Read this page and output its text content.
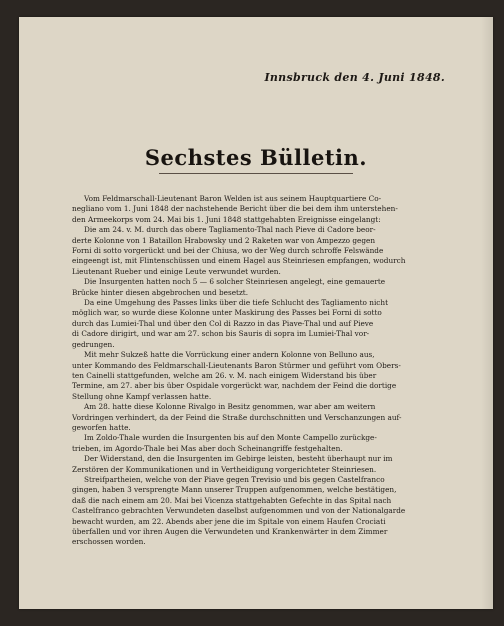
Innsbruck den 4. Juni 1848.
Sechstes Bülletin.
Vom Feldmarschall-Lieutenant Baron Welden ist aus seinem Hauptquartiere Co-
negliano vom 1. Juni 1848 der nachstehende Bericht über die bei dem ihm unterstehen-
den Armeekorps vom 24. Mai bis 1. Juni 1848 stattgehabten Ereignisse eingelangt:
Die am 24. v. M. durch das obere Tagliamento-Thal nach Pieve di Cadore beor-
derte Kolonne von 1 Bataillon Hrabowsky und 2 Raketen war von Ampezzo gegen
Forni di sotto vorgerückt und bei der Chiusa, wo der Weg durch schroffe Felswände
eingeengt ist, mit Flintenschüssen und einem Hagel aus Steinriesen empfangen, wodurch
Lieutenant Rueber und einige Leute verwundet wurden.
Die Insurgenten hatten noch 5 — 6 solcher Steinriesen angelegt, eine gemauerte
Brücke hinter diesen abgebrochen und besetzt.
Da eine Umgehung des Passes links über die tiefe Schlucht des Tagliamento nicht
möglich war, so wurde diese Kolonne unter Maskirung des Passes bei Forni di sotto
durch das Lumiei-Thal und über den Col di Razzo in das Piave-Thal und auf Pieve
di Cadore dirigirt, und war am 27. schon bis Sauris di sopra im Lumiei-Thal vor-
gedrungen.
Mit mehr Sukzeß hatte die Vorrückung einer andern Kolonne von Belluno aus,
unter Kommando des Feldmarschall-Lieutenants Baron Stürmer und geführt vom Obers-
ten Cainelli stattgefunden, welche am 26. v. M. nach einigem Widerstand bis über
Termine, am 27. aber bis über Ospidale vorgerückt war, nachdem der Feind die dortige
Stellung ohne Kampf verlassen hatte.
Am 28. hatte diese Kolonne Rivalgo in Besitz genommen, war aber am weitern
Vordringen verhindert, da der Feind die Straße durchschnitten und Verschanzungen auf-
geworfen hatte.
Im Zoldo-Thale wurden die Insurgenten bis auf den Monte Campello zurückge-
trieben, im Agordo-Thale bei Mas aber doch Scheinangriffe festgehalten.
Der Widerstand, den die Insurgenten im Gebirge leisten, besteht überhaupt nur im
Zerstören der Kommunikationen und in Vertheidigung vorgerichteter Steinriesen.
Streifpartheien, welche von der Piave gegen Trevisio und bis gegen Castelfranco
gingen, haben 3 versprengte Mann unserer Truppen aufgenommen, welche bestätigen,
daß die nach einem am 20. Mai bei Vicenza stattgehabten Gefechte in das Spital nach
Castelfranco gebrachten Verwundeten daselbst aufgenommen und von der Nationalgarde
bewacht wurden, am 22. Abends aber jene die im Spitale von einem Haufen Crociati
überfallen und vor ihren Augen die Verwundeten und Krankenwärter in dem Zimmer
erschossen worden.
